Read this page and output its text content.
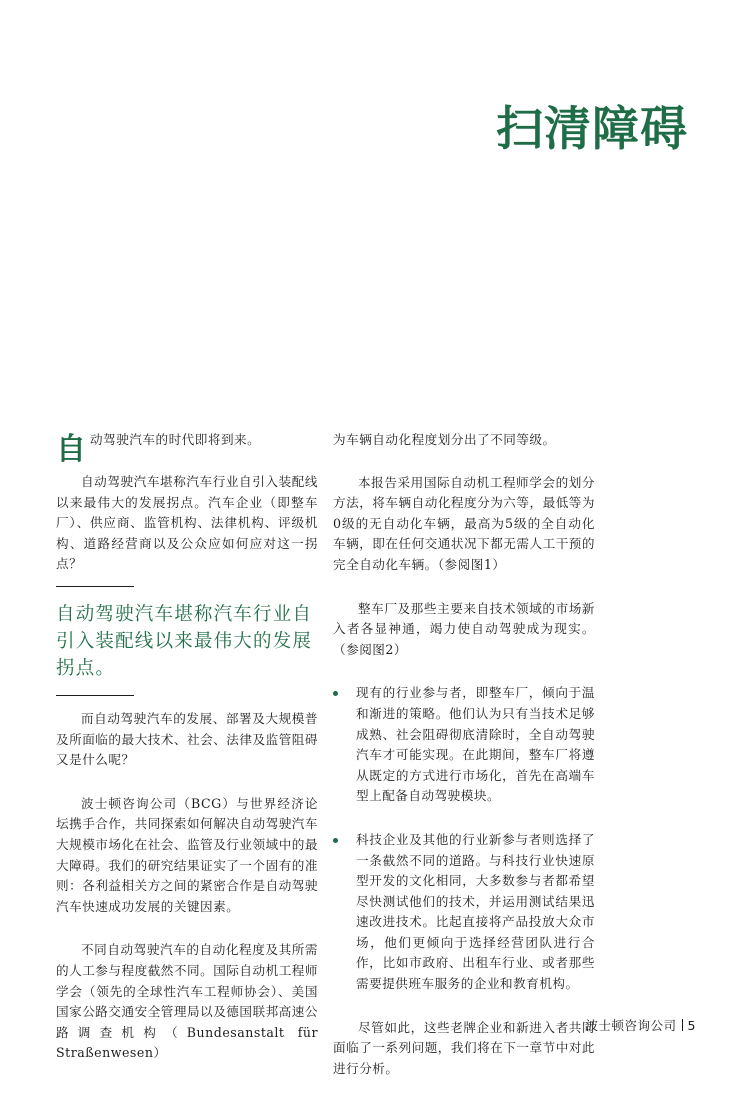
扫清障碍
自 动驾驶汽车的时代即将到来。

自动驾驶汽车堪称汽车行业自引入装配线以来最伟大的发展拐点。汽车企业（即整车厂）、供应商、监管机构、法律机构、评级机构、道路经营商以及公众应如何应对这一拐点？

自动驾驶汽车堪称汽车行业自引入装配线以来最伟大的发展拐点。

而自动驾驶汽车的发展、部署及大规模普及所面临的最大技术、社会、法律及监管阻碍又是什么呢？

波士顿咨询公司（BCG）与世界经济论坛携手合作，共同探索如何解决自动驾驶汽车大规模市场化在社会、监管及行业领域中的最大障碍。我们的研究结果证实了一个固有的准则：各利益相关方之间的紧密合作是自动驾驶汽车快速成功发展的关键因素。

不同自动驾驶汽车的自动化程度及其所需的人工参与程度截然不同。国际自动机工程师学会（领先的全球性汽车工程师协会）、美国国家公路交通安全管理局以及德国联邦高速公路调查机构（Bundesanstalt für Straßenwesen）

为车辆自动化程度划分出了不同等级。

本报告采用国际自动机工程师学会的划分方法，将车辆自动化程度分为六等，最低等为0级的无自动化车辆，最高为5级的全自动化车辆，即在任何交通状况下都无需人工干预的完全自动化车辆。（参阅图1）

整车厂及那些主要来自技术领域的市场新入者各显神通，竭力使自动驾驶成为现实。（参阅图2）

现有的行业参与者，即整车厂，倾向于温和渐进的策略。他们认为只有当技术足够成熟、社会阻碍彻底清除时，全自动驾驶汽车才可能实现。在此期间，整车厂将遵从既定的方式进行市场化，首先在高端车型上配备自动驾驶模块。
科技企业及其他的行业新参与者则选择了一条截然不同的道路。与科技行业快速原型开发的文化相同，大多数参与者都希望尽快测试他们的技术，并运用测试结果迅速改进技术。比起直接将产品投放大众市场，他们更倾向于选择经营团队进行合作，比如市政府、出租车行业、或者那些需要提供班车服务的企业和教育机构。

尽管如此，这些老牌企业和新进入者共同面临了一系列问题，我们将在下一章节中对此进行分析。

波士顿咨询公司 5
